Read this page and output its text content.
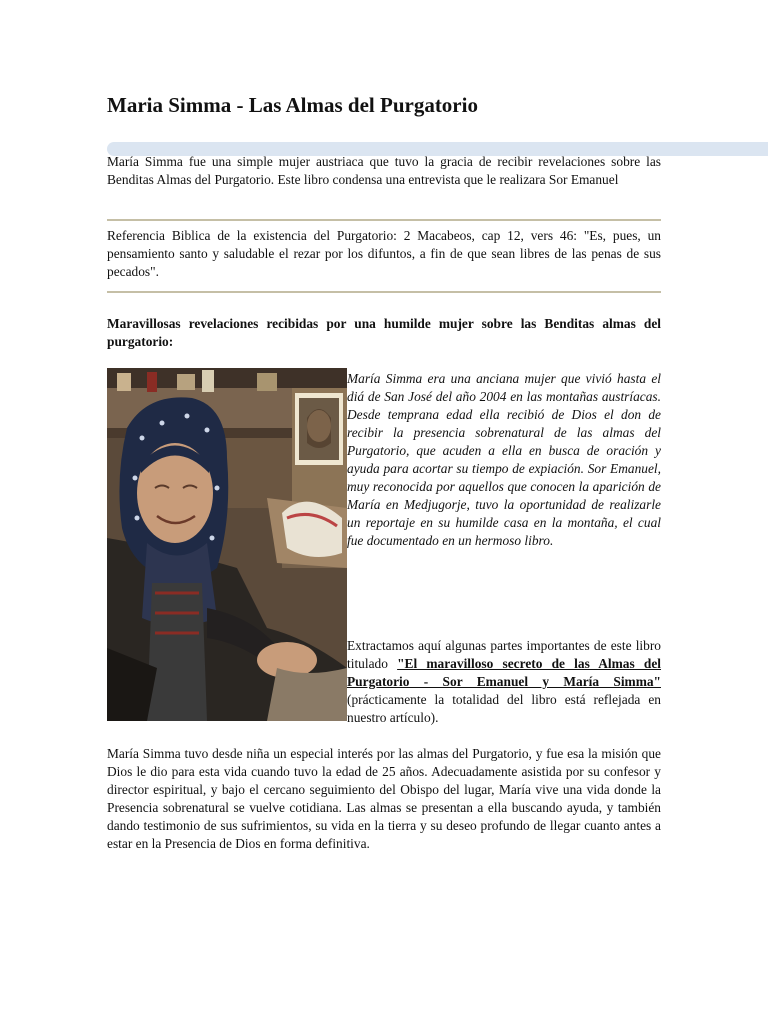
Maria Simma - Las Almas del Purgatorio

María Simma fue una simple mujer austriaca que tuvo la gracia de recibir revelaciones sobre las Benditas Almas del Purgatorio. Este libro condensa una entrevista que le realizara Sor Emanuel

Referencia Biblica de la existencia del Purgatorio: 2 Macabeos, cap 12, vers 46: "Es, pues, un pensamiento santo y saludable el rezar por los difuntos, a fin de que sean libres de las penas de sus pecados".

Maravillosas revelaciones recibidas por una humilde mujer sobre las Benditas almas del purgatorio:

María Simma era una anciana mujer que vivió hasta el diá de San José del año 2004 en las montañas austríacas. Desde temprana edad ella recibió de Dios el don de recibir la presencia sobrenatural de las almas del Purgatorio, que acuden a ella en busca de oración y ayuda para acortar su tiempo de expiación. Sor Emanuel, muy reconocida por aquellos que conocen la aparición de María en Medjugorje, tuvo la oportunidad de realizarle un reportaje en su humilde casa en la montaña, el cual fue documentado en un hermoso libro.

Extractamos aquí algunas partes importantes de este libro titulado "El maravilloso secreto de las Almas del Purgatorio - Sor Emanuel y María Simma" (prácticamente la totalidad del libro está reflejada en nuestro artículo).

María Simma tuvo desde niña un especial interés por las almas del Purgatorio, y fue esa la misión que Dios le dio para esta vida cuando tuvo la edad de 25 años. Adecuadamente asistida por su confesor y director espiritual, y bajo el cercano seguimiento del Obispo del lugar, María vive una vida donde la Presencia sobrenatural se vuelve cotidiana. Las almas se presentan a ella buscando ayuda, y también dando testimonio de sus sufrimientos, su vida en la tierra y su deseo profundo de llegar cuanto antes a estar en la Presencia de Dios en forma definitiva.
